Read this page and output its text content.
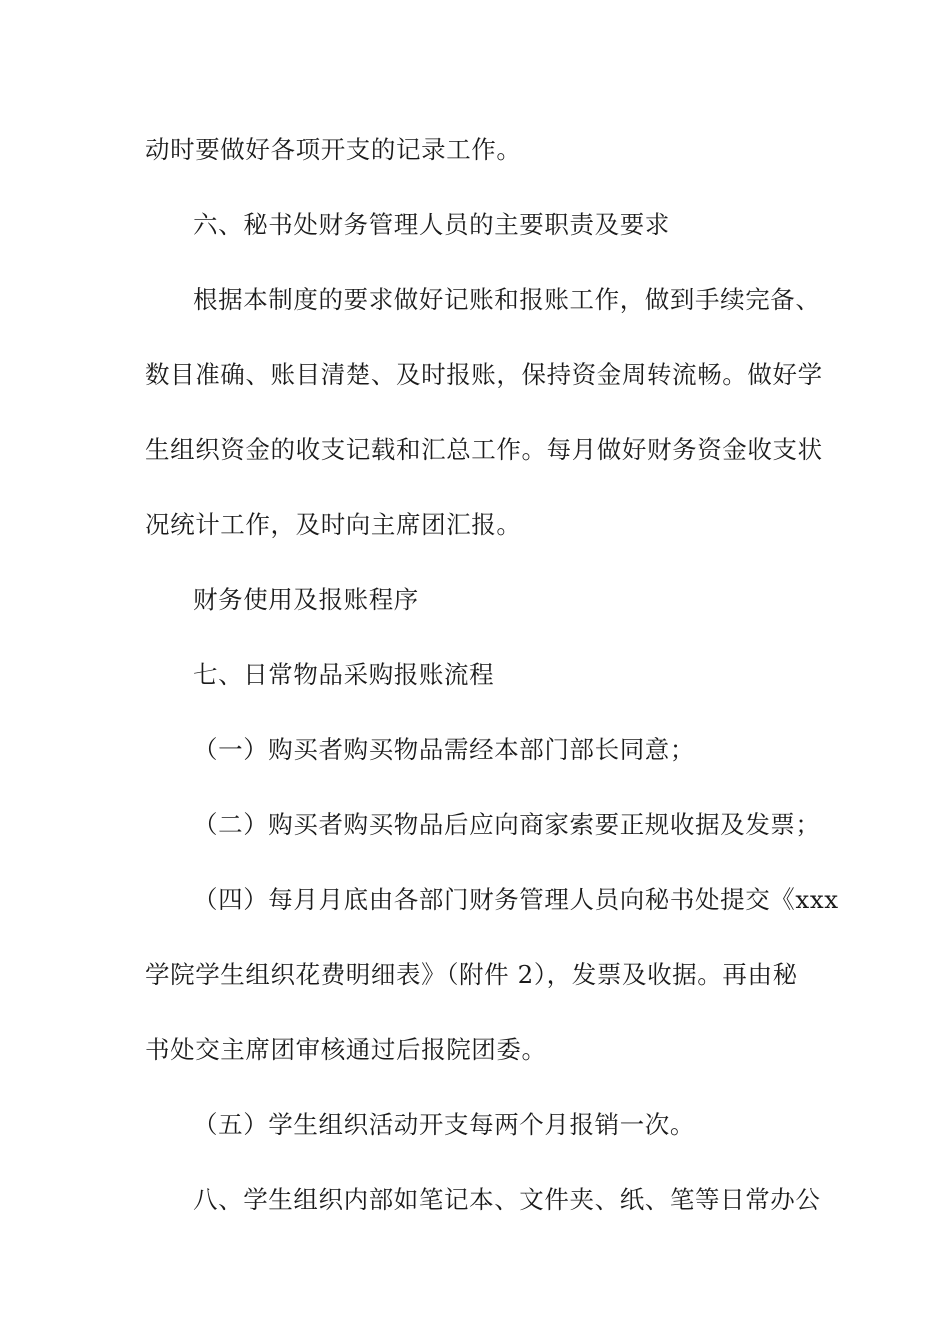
动时要做好各项开支的记录工作。

六、秘书处财务管理人员的主要职责及要求

根据本制度的要求做好记账和报账工作，做到手续完备、

数目准确、账目清楚、及时报账，保持资金周转流畅。做好学

生组织资金的收支记载和汇总工作。每月做好财务资金收支状

况统计工作，及时向主席团汇报。

财务使用及报账程序

七、日常物品采购报账流程

（一）购买者购买物品需经本部门部长同意；

（二）购买者购买物品后应向商家索要正规收据及发票；

（四）每月月底由各部门财务管理人员向秘书处提交《xxx

学院学生组织花费明细表》（附件 2），发票及收据。再由秘

书处交主席团审核通过后报院团委。

（五）学生组织活动开支每两个月报销一次。

八、学生组织内部如笔记本、文件夹、纸、笔等日常办公
